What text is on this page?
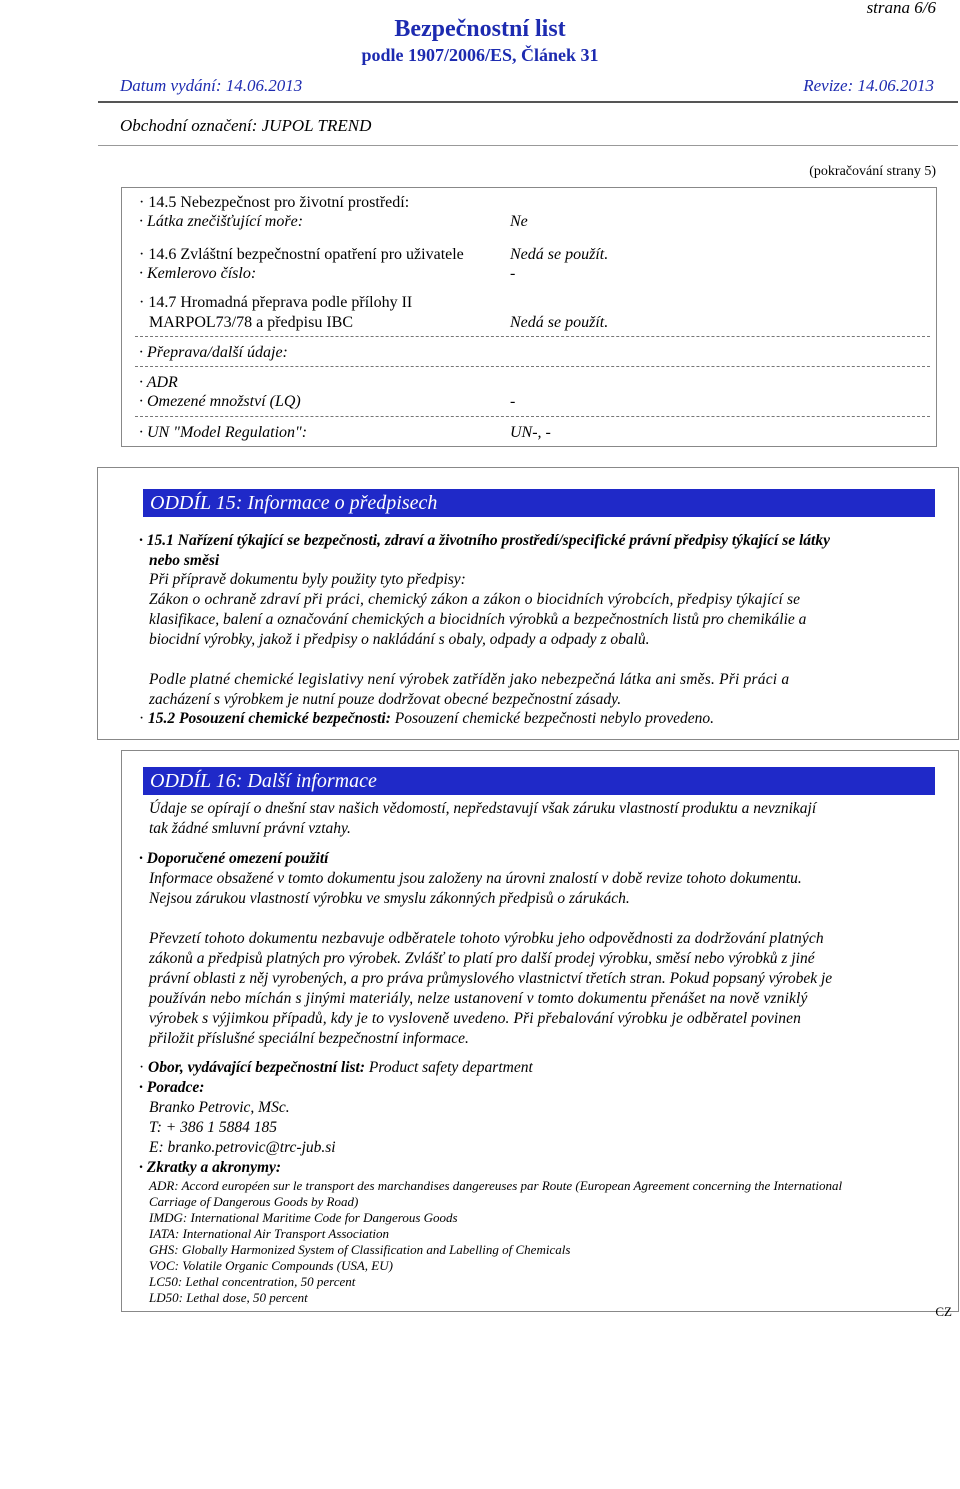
strana 6/6
Bezpečnostní list
podle 1907/2006/ES, Článek 31
Datum vydání: 14.06.2013	Revize: 14.06.2013
Obchodní označení: JUPOL TREND
(pokračování strany 5)
· 14.5 Nebezpečnost pro životní prostředí:
· Látka znečišťující moře:	Ne
· 14.6 Zvláštní bezpečnostní opatření pro uživatele	Nedá se použít.
· Kemlerovo číslo:	-
· 14.7 Hromadná přeprava podle přílohy II
MARPOL73/78 a předpisu IBC	Nedá se použít.
· Přeprava/další údaje:
· ADR
· Omezené množství (LQ)	-
· UN "Model Regulation":	UN-, -
ODDÍL 15: Informace o předpisech
· 15.1 Nařízení týkající se bezpečnosti, zdraví a životního prostředí/specifické právní předpisy týkající se látky
nebo směsi
Při přípravě dokumentu byly použity tyto předpisy:
Zákon o ochraně zdraví při práci, chemický zákon a zákon o biocidních výrobcích, předpisy týkající se
klasifikace, balení a označování chemických a biocidních výrobků a bezpečnostních listů pro chemikálie a
biocidní výrobky, jakož i předpisy o nakládání s obaly, odpady a odpady z obalů.
Podle platné chemické legislativy není výrobek zatříděn jako nebezpečná látka ani směs. Při práci a
zacházení s výrobkem je nutní pouze dodržovat obecné bezpečnostní zásady.
· 15.2 Posouzení chemické bezpečnosti: Posouzení chemické bezpečnosti nebylo provedeno.
ODDÍL 16: Další informace
Údaje se opírají o dnešní stav našich vědomostí, nepředstavují však záruku vlastností produktu a nevznikají
tak žádné smluvní právní vztahy.
· Doporučené omezení použití
Informace obsažené v tomto dokumentu jsou založeny na úrovni znalostí v době revize tohoto dokumentu.
Nejsou zárukou vlastností výrobku ve smyslu zákonných předpisů o zárukách.
Převzetí tohoto dokumentu nezbavuje odběratele tohoto výrobku jeho odpovědnosti za dodržování platných
zákonů a předpisů platných pro výrobek. Zvlášť to platí pro další prodej výrobku, směsí nebo výrobků z jiné
právní oblasti z něj vyrobených, a pro práva průmyslového vlastnictví třetích stran. Pokud popsaný výrobek je
používán nebo míchán s jinými materiály, nelze ustanovení v tomto dokumentu přenášet na nově vzniklý
výrobek s výjimkou případů, kdy je to vysloveně uvedeno. Při přebalování výrobku je odběratel povinen
přiložit příslušné speciální bezpečnostní informace.
· Obor, vydávající bezpečnostní list: Product safety department
· Poradce:
Branko Petrovic, MSc.
T: + 386 1 5884 185
E: branko.petrovic@trc-jub.si
· Zkratky a akronymy:
ADR: Accord européen sur le transport des marchandises dangereuses par Route (European Agreement concerning the International
Carriage of Dangerous Goods by Road)
IMDG: International Maritime Code for Dangerous Goods
IATA: International Air Transport Association
GHS: Globally Harmonized System of Classification and Labelling of Chemicals
VOC: Volatile Organic Compounds (USA, EU)
LC50: Lethal concentration, 50 percent
LD50: Lethal dose, 50 percent
CZ
